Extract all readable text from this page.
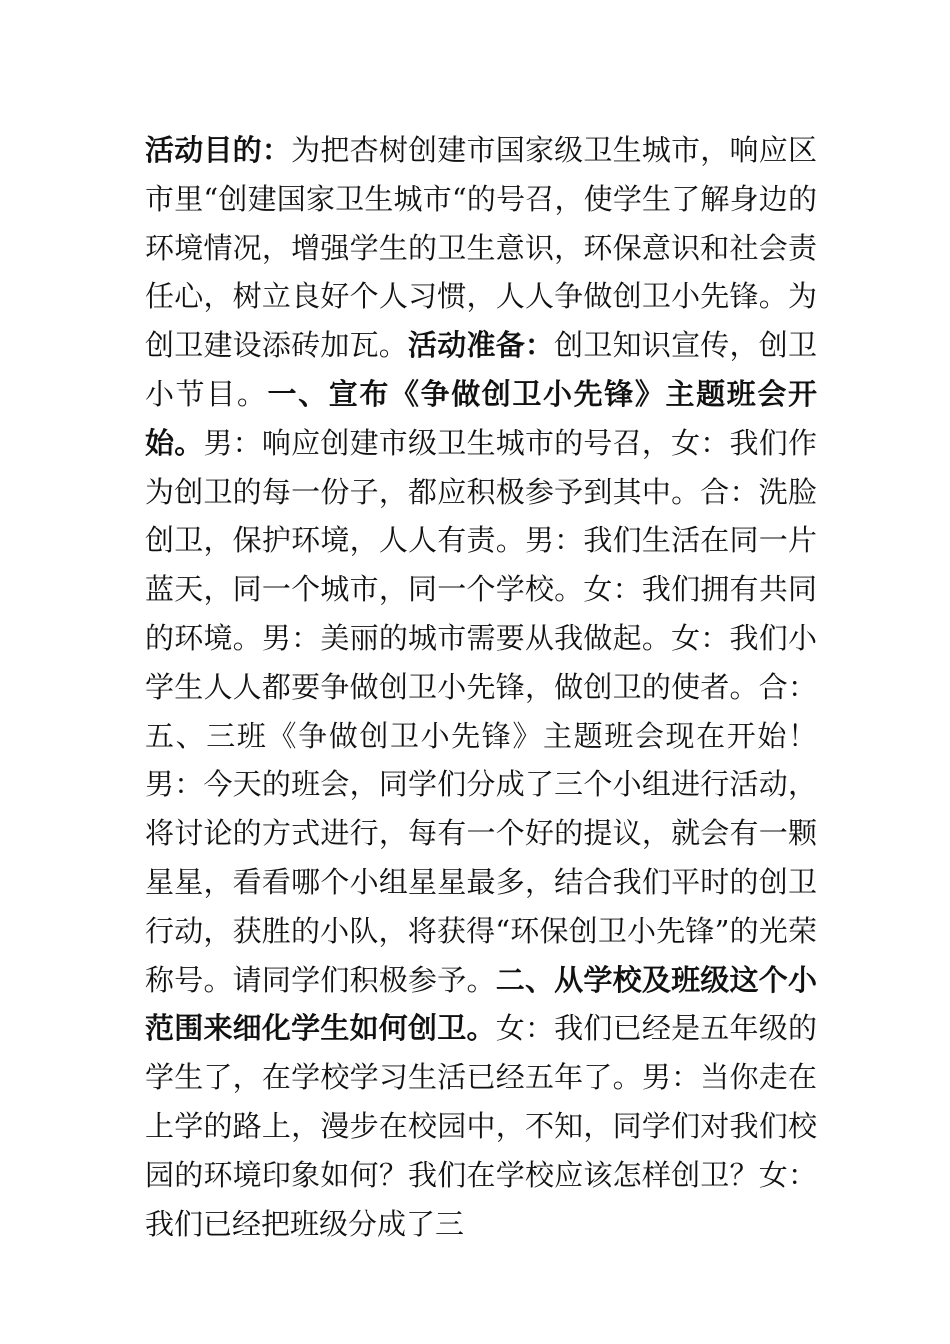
活动目的：为把杏树创建市国家级卫生城市，响应区市里“创建国家卫生城市“的号召，使学生了解身边的环境情况，增强学生的卫生意识，环保意识和社会责任心，树立良好个人习惯，人人争做创卫小先锋。为创卫建设添砖加瓦。活动准备：创卫知识宣传，创卫小节目。一、宣布《争做创卫小先锋》主题班会开始。男：响应创建市级卫生城市的号召，女：我们作为创卫的每一份子，都应积极参予到其中。合：洗脸创卫，保护环境，人人有责。男：我们生活在同一片蓝天，同一个城市，同一个学校。女：我们拥有共同的环境。男：美丽的城市需要从我做起。女：我们小学生人人都要争做创卫小先锋，做创卫的使者。合：五、三班《争做创卫小先锋》主题班会现在开始！男：今天的班会，同学们分成了三个小组进行活动，将讨论的方式进行，每有一个好的提议，就会有一颗星星，看看哪个小组星星最多，结合我们平时的创卫行动，获胜的小队，将获得“环保创卫小先锋”的光荣称号。请同学们积极参予。二、从学校及班级这个小范围来细化学生如何创卫。女：我们已经是五年级的学生了，在学校学习生活已经五年了。男：当你走在上学的路上，漫步在校园中，不知，同学们对我们校园的环境印象如何？我们在学校应该怎样创卫？女：我们已经把班级分成了三
